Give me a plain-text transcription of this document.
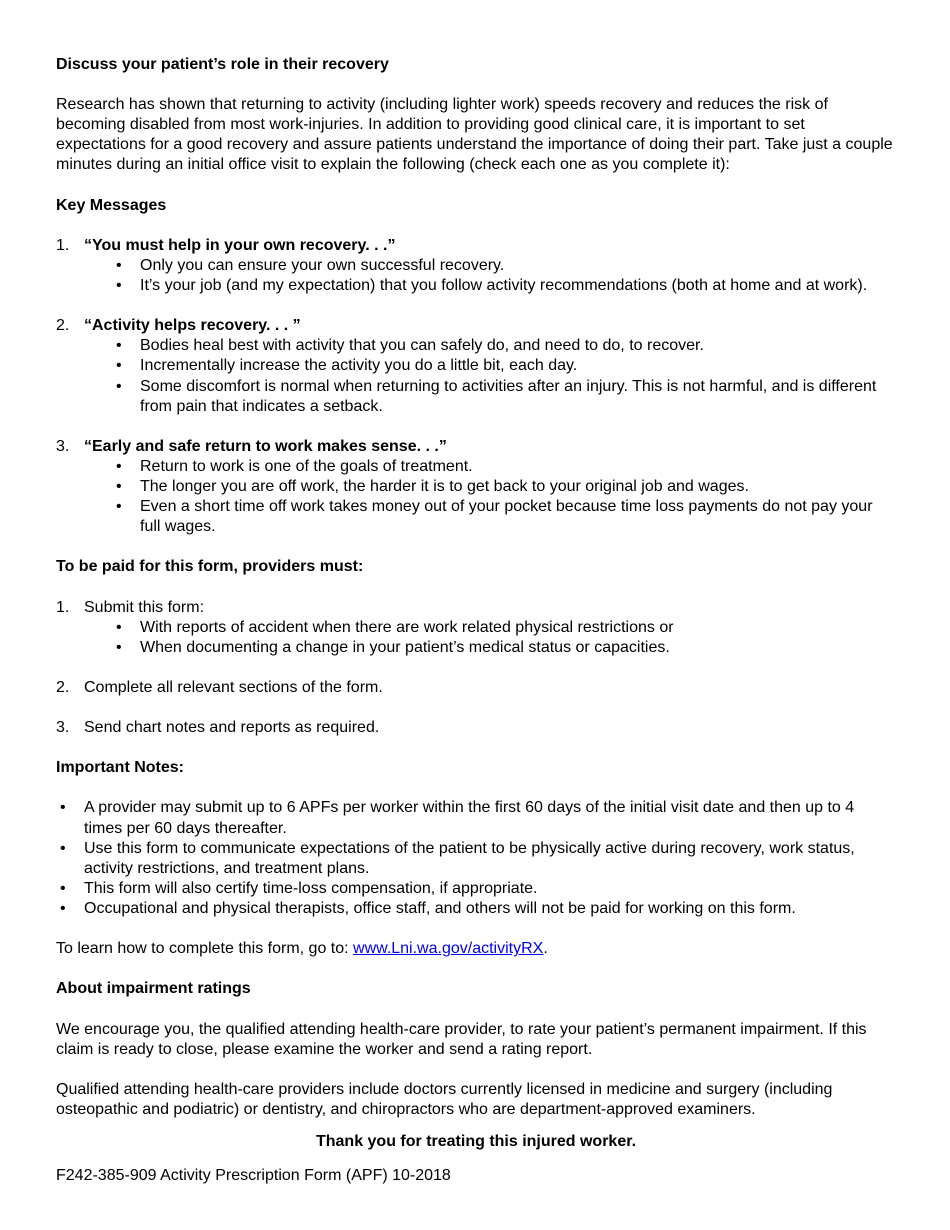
Discuss your patient’s role in their recovery

Research has shown that returning to activity (including lighter work) speeds recovery and reduces the risk of becoming disabled from most work-injuries. In addition to providing good clinical care, it is important to set expectations for a good recovery and assure patients understand the importance of doing their part. Take just a couple minutes during an initial office visit to explain the following (check each one as you complete it):

Key Messages
1. “You must help in your own recovery. . .”
• Only you can ensure your own successful recovery.
• It’s your job (and my expectation) that you follow activity recommendations (both at home and at work).
2. “Activity helps recovery. . . ”
• Bodies heal best with activity that you can safely do, and need to do, to recover.
• Incrementally increase the activity you do a little bit, each day.
• Some discomfort is normal when returning to activities after an injury. This is not harmful, and is different from pain that indicates a setback.
3. “Early and safe return to work makes sense. . .”
• Return to work is one of the goals of treatment.
• The longer you are off work, the harder it is to get back to your original job and wages.
• Even a short time off work takes money out of your pocket because time loss payments do not pay your full wages.
To be paid for this form, providers must:
1. Submit this form:
• With reports of accident when there are work related physical restrictions or
• When documenting a change in your patient’s medical status or capacities.
2. Complete all relevant sections of the form.
3. Send chart notes and reports as required.
Important Notes:
• A provider may submit up to 6 APFs per worker within the first 60 days of the initial visit date and then up to 4 times per 60 days thereafter.
• Use this form to communicate expectations of the patient to be physically active during recovery, work status, activity restrictions, and treatment plans.
• This form will also certify time-loss compensation, if appropriate.
• Occupational and physical therapists, office staff, and others will not be paid for working on this form.

To learn how to complete this form, go to: www.Lni.wa.gov/activityRX.

About impairment ratings

We encourage you, the qualified attending health-care provider, to rate your patient’s permanent impairment. If this claim is ready to close, please examine the worker and send a rating report.

Qualified attending health-care providers include doctors currently licensed in medicine and surgery (including osteopathic and podiatric) or dentistry, and chiropractors who are department-approved examiners.

Thank you for treating this injured worker.
F242-385-909 Activity Prescription Form (APF) 10-2018
